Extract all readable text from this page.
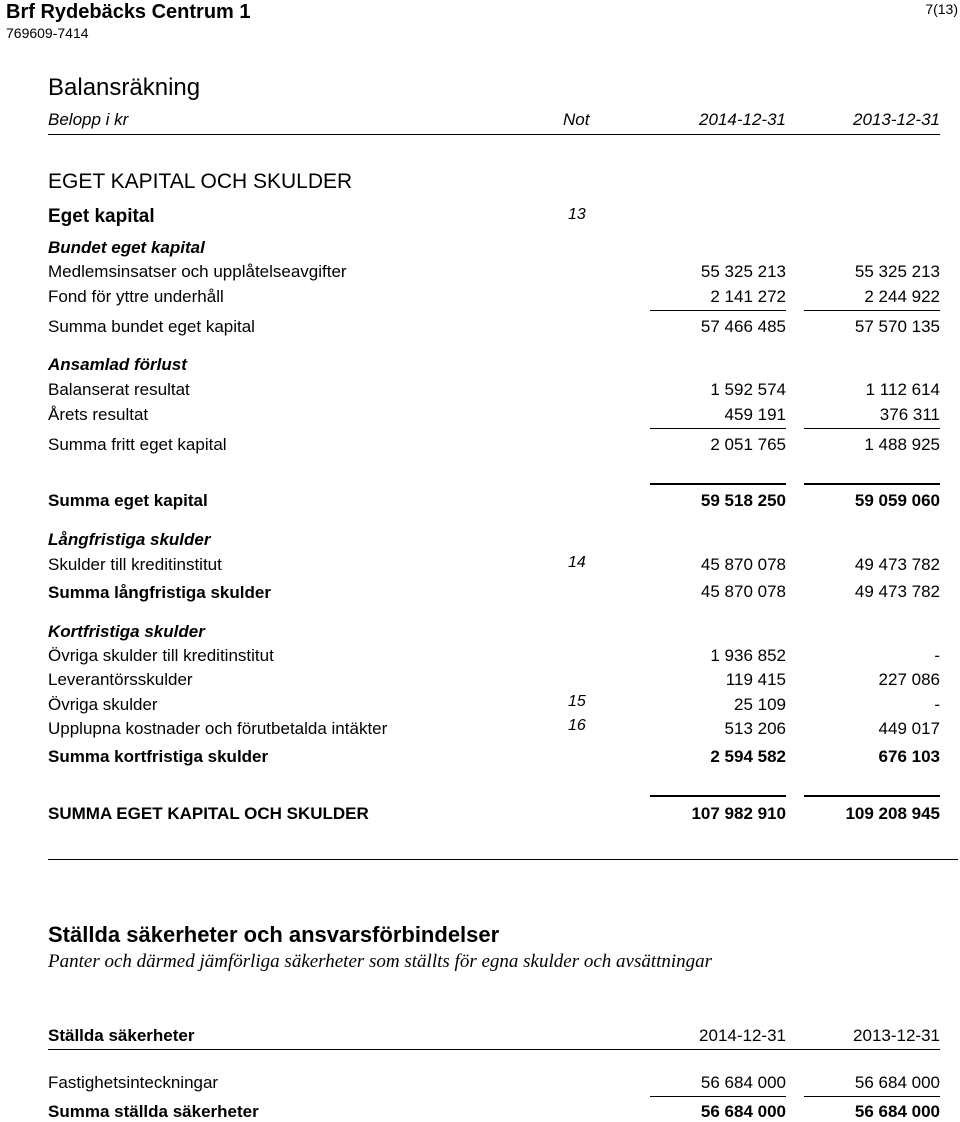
Brf Rydebäcks Centrum 1
769609-7414
7(13)
Balansräkning
Belopp i kr	Not	2014-12-31	2013-12-31
EGET KAPITAL OCH SKULDER
Eget kapital	13
Bundet eget kapital
Medlemsinsatser och upplåtelseavgifter	55 325 213	55 325 213
Fond för yttre underhåll	2 141 272	2 244 922
Summa bundet eget kapital	57 466 485	57 570 135
Ansamlad förlust
Balanserat resultat	1 592 574	1 112 614
Årets resultat	459 191	376 311
Summa fritt eget kapital	2 051 765	1 488 925
Summa eget kapital	59 518 250	59 059 060
Långfristiga skulder
Skulder till kreditinstitut	14	45 870 078	49 473 782
Summa långfristiga skulder	45 870 078	49 473 782
Kortfristiga skulder
Övriga skulder till kreditinstitut	1 936 852	-
Leverantörsskulder	119 415	227 086
Övriga skulder	15	25 109	-
Upplupna kostnader och förutbetalda intäkter	16	513 206	449 017
Summa kortfristiga skulder	2 594 582	676 103
SUMMA EGET KAPITAL OCH SKULDER	107 982 910	109 208 945
Ställda säkerheter och ansvarsförbindelser
Panter och därmed jämförliga säkerheter som ställts för egna skulder och avsättningar
Ställda säkerheter	2014-12-31	2013-12-31
Fastighetsinteckningar	56 684 000	56 684 000
Summa ställda säkerheter	56 684 000	56 684 000
